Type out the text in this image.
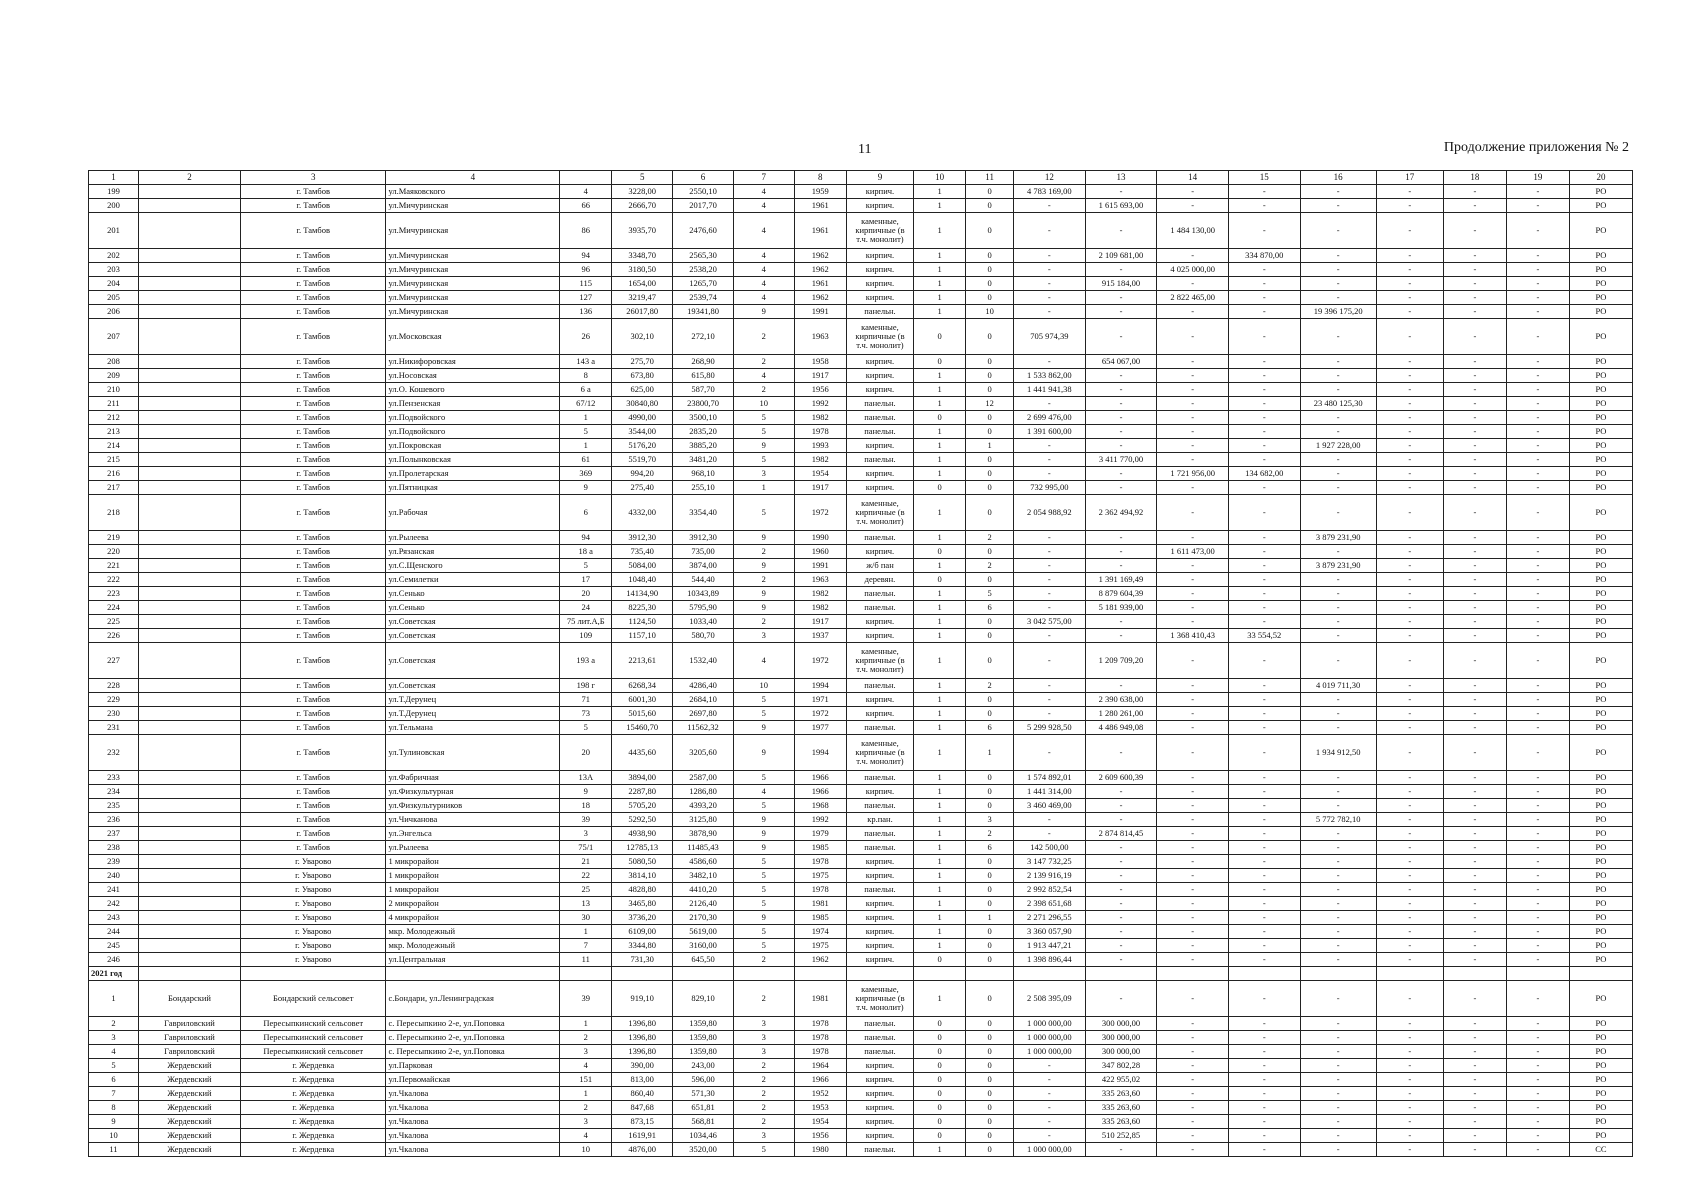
11	Продолжение приложения № 2
1	2	3	4		5	6	7	8	9	10	11	12	13	14	15	16	17	18	19	20
199		г. Тамбов	ул.Маяковского	4	3228,00	2550,10	4	1959	кирпич.	1	0	4 783 169,00	-	-	-	-	-	-	-	РО
200		г. Тамбов	ул.Мичуринская	66	2666,70	2017,70	4	1961	кирпич.	1	0	-	1 615 693,00	-	-	-	-	-	-	РО
201		г. Тамбов	ул.Мичуринская	86	3935,70	2476,60	4	1961	каменные, кирпичные (в т.ч. монолит)	1	0	-	-	1 484 130,00	-	-	-	-	-	РО
202		г. Тамбов	ул.Мичуринская	94	3348,70	2565,30	4	1962	кирпич.	1	0	-	2 109 681,00	-	334 870,00	-	-	-	-	РО
203		г. Тамбов	ул.Мичуринская	96	3180,50	2538,20	4	1962	кирпич.	1	0	-	-	4 025 000,00	-	-	-	-	-	РО
204		г. Тамбов	ул.Мичуринская	115	1654,00	1265,70	4	1961	кирпич.	1	0	-	915 184,00	-	-	-	-	-	-	РО
205		г. Тамбов	ул.Мичуринская	127	3219,47	2539,74	4	1962	кирпич.	1	0	-	-	2 822 465,00	-	-	-	-	-	РО
206		г. Тамбов	ул.Мичуринская	136	26017,80	19341,80	9	1991	панельн.	1	10	-	-	-	-	19 396 175,20	-	-	-	РО
207		г. Тамбов	ул.Московская	26	302,10	272,10	2	1963	каменные, кирпичные (в т.ч. монолит)	0	0	705 974,39	-	-	-	-	-	-	-	РО
208		г. Тамбов	ул.Никифоровская	143 а	275,70	268,90	2	1958	кирпич.	0	0	-	654 067,00	-	-	-	-	-	-	РО
209		г. Тамбов	ул.Носовская	8	673,80	615,80	4	1917	кирпич.	1	0	1 533 862,00	-	-	-	-	-	-	-	РО
210		г. Тамбов	ул.О. Кошевого	6 а	625,00	587,70	2	1956	кирпич.	1	0	1 441 941,38	-	-	-	-	-	-	-	РО
211		г. Тамбов	ул.Пензенская	67/12	30840,80	23800,70	10	1992	панельн.	1	12	-	-	-	-	23 480 125,30	-	-	-	РО
212		г. Тамбов	ул.Подвойского	1	4990,00	3500,10	5	1982	панельн.	0	0	2 699 476,00	-	-	-	-	-	-	-	РО
213		г. Тамбов	ул.Подвойского	5	3544,00	2835,20	5	1978	панельн.	1	0	1 391 600,00	-	-	-	-	-	-	-	РО
214		г. Тамбов	ул.Покровская	1	5176,20	3885,20	9	1993	кирпич.	1	1	-	-	-	-	1 927 228,00	-	-	-	РО
215		г. Тамбов	ул.Полынковская	61	5519,70	3481,20	5	1982	панельн.	1	0	-	3 411 770,00	-	-	-	-	-	-	РО
216		г. Тамбов	ул.Пролетарская	369	994,20	968,10	3	1954	кирпич.	1	0	-	-	1 721 956,00	134 682,00	-	-	-	-	РО
217		г. Тамбов	ул.Пятницкая	9	275,40	255,10	1	1917	кирпич.	0	0	732 995,00	-	-	-	-	-	-	-	РО
218		г. Тамбов	ул.Рабочая	6	4332,00	3354,40	5	1972	каменные, кирпичные (в т.ч. монолит)	1	0	2 054 988,92	2 362 494,92	-	-	-	-	-	-	РО
219		г. Тамбов	ул.Рылеева	94	3912,30	3912,30	9	1990	панельн.	1	2	-	-	-	-	3 879 231,90	-	-	-	РО
220		г. Тамбов	ул.Рязанская	18 а	735,40	735,00	2	1960	кирпич.	0	0	-	-	1 611 473,00	-	-	-	-	-	РО
221		г. Тамбов	ул.С.Щенского	5	5084,00	3874,00	9	1991	ж/б пан	1	2	-	-	-	-	3 879 231,90	-	-	-	РО
222		г. Тамбов	ул.Семилетки	17	1048,40	544,40	2	1963	деревян.	0	0	-	1 391 169,49	-	-	-	-	-	-	РО
223		г. Тамбов	ул.Сенько	20	14134,90	10343,89	9	1982	панельн.	1	5	-	8 879 604,39	-	-	-	-	-	-	РО
224		г. Тамбов	ул.Сенько	24	8225,30	5795,90	9	1982	панельн.	1	6	-	5 181 939,00	-	-	-	-	-	-	РО
225		г. Тамбов	ул.Советская	75 лит.А,Б	1124,50	1033,40	2	1917	кирпич.	1	0	3 042 575,00	-	-	-	-	-	-	-	РО
226		г. Тамбов	ул.Советская	109	1157,10	580,70	3	1937	кирпич.	1	0	-	-	1 368 410,43	33 554,52	-	-	-	-	РО
227		г. Тамбов	ул.Советская	193 а	2213,61	1532,40	4	1972	каменные, кирпичные (в т.ч. монолит)	1	0	-	1 209 709,20	-	-	-	-	-	-	РО
228		г. Тамбов	ул.Советская	198 г	6268,34	4286,40	10	1994	панельн.	1	2	-	-	-	-	4 019 711,30	-	-	-	РО
229		г. Тамбов	ул.Т.Дерунец	71	6001,30	2684,10	5	1971	кирпич.	1	0	-	2 390 638,00	-	-	-	-	-	-	РО
230		г. Тамбов	ул.Т.Дерунец	73	5015,60	2697,80	5	1972	кирпич.	1	0	-	1 280 261,00	-	-	-	-	-	-	РО
231		г. Тамбов	ул.Тельмана	5	15460,70	11562,32	9	1977	панельн.	1	6	5 299 928,50	4 486 949,08	-	-	-	-	-	-	РО
232		г. Тамбов	ул.Тулиновская	20	4435,60	3205,60	9	1994	каменные, кирпичные (в т.ч. монолит)	1	1	-	-	-	-	1 934 912,50	-	-	-	РО
233		г. Тамбов	ул.Фабричная	13А	3894,00	2587,00	5	1966	панельн.	1	0	1 574 892,01	2 609 600,39	-	-	-	-	-	-	РО
234		г. Тамбов	ул.Физкультурная	9	2287,80	1286,80	4	1966	кирпич.	1	0	1 441 314,00	-	-	-	-	-	-	-	РО
235		г. Тамбов	ул.Физкультурников	18	5705,20	4393,20	5	1968	панельн.	1	0	3 460 469,00	-	-	-	-	-	-	-	РО
236		г. Тамбов	ул.Чичканова	39	5292,50	3125,80	9	1992	кр.пан.	1	3	-	-	-	-	5 772 782,10	-	-	-	РО
237		г. Тамбов	ул.Энгельса	3	4938,90	3878,90	9	1979	панельн.	1	2	-	2 874 814,45	-	-	-	-	-	-	РО
238		г. Тамбов	ул.Рылеева	75/1	12785,13	11485,43	9	1985	панельн.	1	6	142 500,00	-	-	-	-	-	-	-	РО
239		г. Уварово	1 микрорайон	21	5080,50	4586,60	5	1978	кирпич.	1	0	3 147 732,25	-	-	-	-	-	-	-	РО
240		г. Уварово	1 микрорайон	22	3814,10	3482,10	5	1975	кирпич.	1	0	2 139 916,19	-	-	-	-	-	-	-	РО
241		г. Уварово	1 микрорайон	25	4828,80	4410,20	5	1978	панельн.	1	0	2 992 852,54	-	-	-	-	-	-	-	РО
242		г. Уварово	2 микрорайон	13	3465,80	2126,40	5	1981	кирпич.	1	0	2 398 651,68	-	-	-	-	-	-	-	РО
243		г. Уварово	4 микрорайон	30	3736,20	2170,30	9	1985	кирпич.	1	1	2 271 296,55	-	-	-	-	-	-	-	РО
244		г. Уварово	мкр. Молодежный	1	6109,00	5619,00	5	1974	кирпич.	1	0	3 360 057,90	-	-	-	-	-	-	-	РО
245		г. Уварово	мкр. Молодежный	7	3344,80	3160,00	5	1975	кирпич.	1	0	1 913 447,21	-	-	-	-	-	-	-	РО
246		г. Уварово	ул.Центральная	11	731,30	645,50	2	1962	кирпич.	0	0	1 398 896,44	-	-	-	-	-	-	-	РО
2021 год																				
1	Бондарский	Бондарский сельсовет	с.Бондари, ул.Ленинградская	39	919,10	829,10	2	1981	каменные, кирпичные (в т.ч. монолит)	1	0	2 508 395,09	-	-	-	-	-	-	-	РО
2	Гавриловский	Пересыпкинский сельсовет	с. Пересыпкино 2-е, ул.Поповка	1	1396,80	1359,80	3	1978	панельн.	0	0	1 000 000,00	300 000,00	-	-	-	-	-	-	РО
3	Гавриловский	Пересыпкинский сельсовет	с. Пересыпкино 2-е, ул.Поповка	2	1396,80	1359,80	3	1978	панельн.	0	0	1 000 000,00	300 000,00	-	-	-	-	-	-	РО
4	Гавриловский	Пересыпкинский сельсовет	с. Пересыпкино 2-е, ул.Поповка	3	1396,80	1359,80	3	1978	панельн.	0	0	1 000 000,00	300 000,00	-	-	-	-	-	-	РО
5	Жердевский	г. Жердевка	ул.Парковая	4	390,00	243,00	2	1964	кирпич.	0	0	-	347 802,28	-	-	-	-	-	-	РО
6	Жердевский	г. Жердевка	ул.Первомайская	151	813,00	596,00	2	1966	кирпич.	0	0	-	422 955,02	-	-	-	-	-	-	РО
7	Жердевский	г. Жердевка	ул.Чкалова	1	860,40	571,30	2	1952	кирпич.	0	0	-	335 263,60	-	-	-	-	-	-	РО
8	Жердевский	г. Жердевка	ул.Чкалова	2	847,68	651,81	2	1953	кирпич.	0	0	-	335 263,60	-	-	-	-	-	-	РО
9	Жердевский	г. Жердевка	ул.Чкалова	3	873,15	568,81	2	1954	кирпич.	0	0	-	335 263,60	-	-	-	-	-	-	РО
10	Жердевский	г. Жердевка	ул.Чкалова	4	1619,91	1034,46	3	1956	кирпич.	0	0	-	510 252,85	-	-	-	-	-	-	РО
11	Жердевский	г. Жердевка	ул.Чкалова	10	4876,00	3520,00	5	1980	панельн.	1	0	1 000 000,00	-	-	-	-	-	-	-	СС
